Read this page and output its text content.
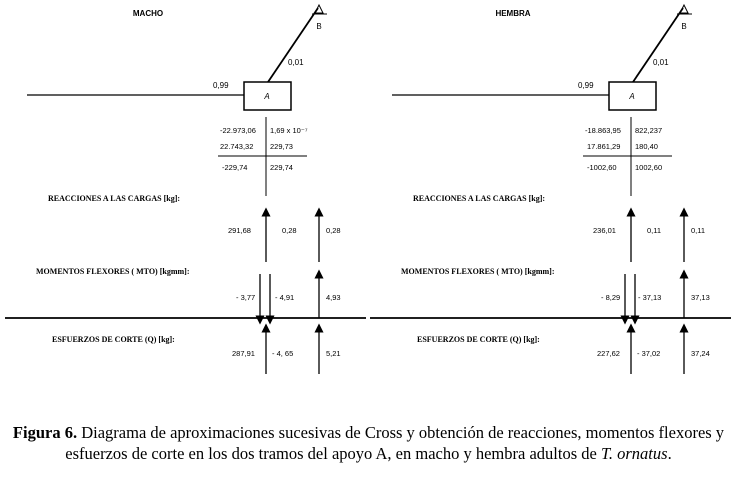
MACHO
B
0,01
0,99
A
-22.973,06 1,69 x 10⁻⁷
22.743,32 229,73
-229,74	229,74
REACCIONES A LAS CARGAS [kg]:
291,68	0,28	0,28
MOMENTOS FLEXORES ( MTO) [kgmm]:
- 3,77	- 4,91	4,93
ESFUERZOS DE CORTE (Q) [kg]:
287,91 - 4, 65	5,21
HEMBRA
B
0,01
0,99
A
-18.863,95 822,237
17.861,29 180,40
-1002,60 1002,60
REACCIONES A LAS CARGAS [kg]:
236,01	0,11	0,11
MOMENTOS FLEXORES ( MTO) [kgmm]:
- 8,29 - 37,13	37,13
ESFUERZOS DE CORTE (Q) [kg]:
227,62 - 37,02	37,24
Figura 6. Diagrama de aproximaciones sucesivas de Cross y obtención de reacciones, momentos flexores y esfuerzos de corte en los dos tramos del apoyo A, en macho y hembra adultos de T. ornatus.
